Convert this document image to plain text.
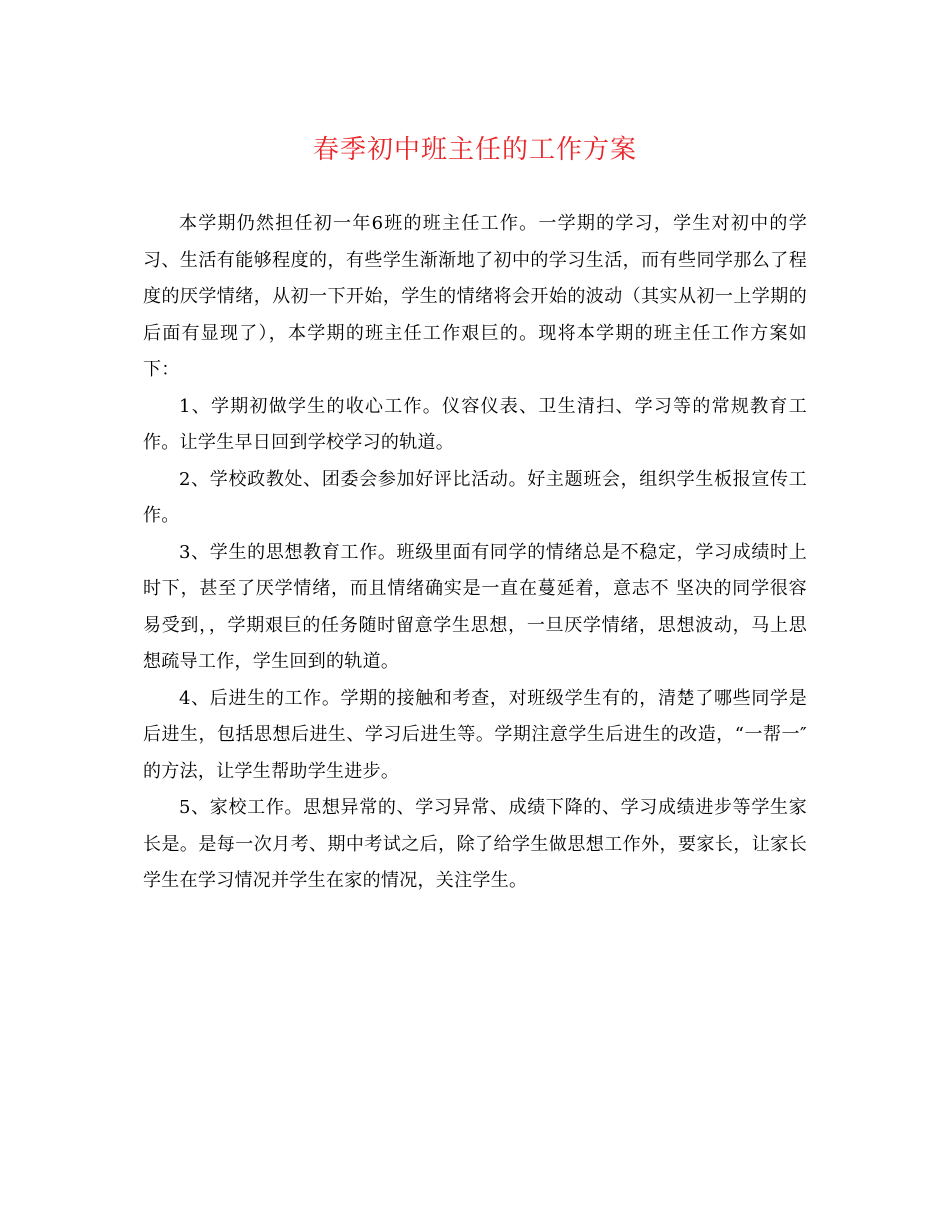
春季初中班主任的工作方案

本学期仍然担任初一年6班的班主任工作。一学期的学习，学生对初中的学习、生活有能够程度的，有些学生渐渐地了初中的学习生活，而有些同学那么了程度的厌学情绪，从初一下开始，学生的情绪将会开始的波动（其实从初一上学期的后面有显现了），本学期的班主任工作艰巨的。现将本学期的班主任工作方案如下：

1、学期初做学生的收心工作。仪容仪表、卫生清扫、学习等的常规教育工作。让学生早日回到学校学习的轨道。

2、学校政教处、团委会参加好评比活动。好主题班会，组织学生板报宣传工作。

3、学生的思想教育工作。班级里面有同学的情绪总是不稳定，学习成绩时上时下，甚至了厌学情绪，而且情绪确实是一直在蔓延着，意志不 坚决的同学很容易受到，，学期艰巨的任务随时留意学生思想，一旦厌学情绪，思想波动，马上思想疏导工作，学生回到的轨道。

4、后进生的工作。学期的接触和考查，对班级学生有的，清楚了哪些同学是后进生，包括思想后进生、学习后进生等。学期注意学生后进生的改造，“一帮一″的方法，让学生帮助学生进步。

5、家校工作。思想异常的、学习异常、成绩下降的、学习成绩进步等学生家长是。是每一次月考、期中考试之后，除了给学生做思想工作外，要家长，让家长学生在学习情况并学生在家的情况，关注学生。
